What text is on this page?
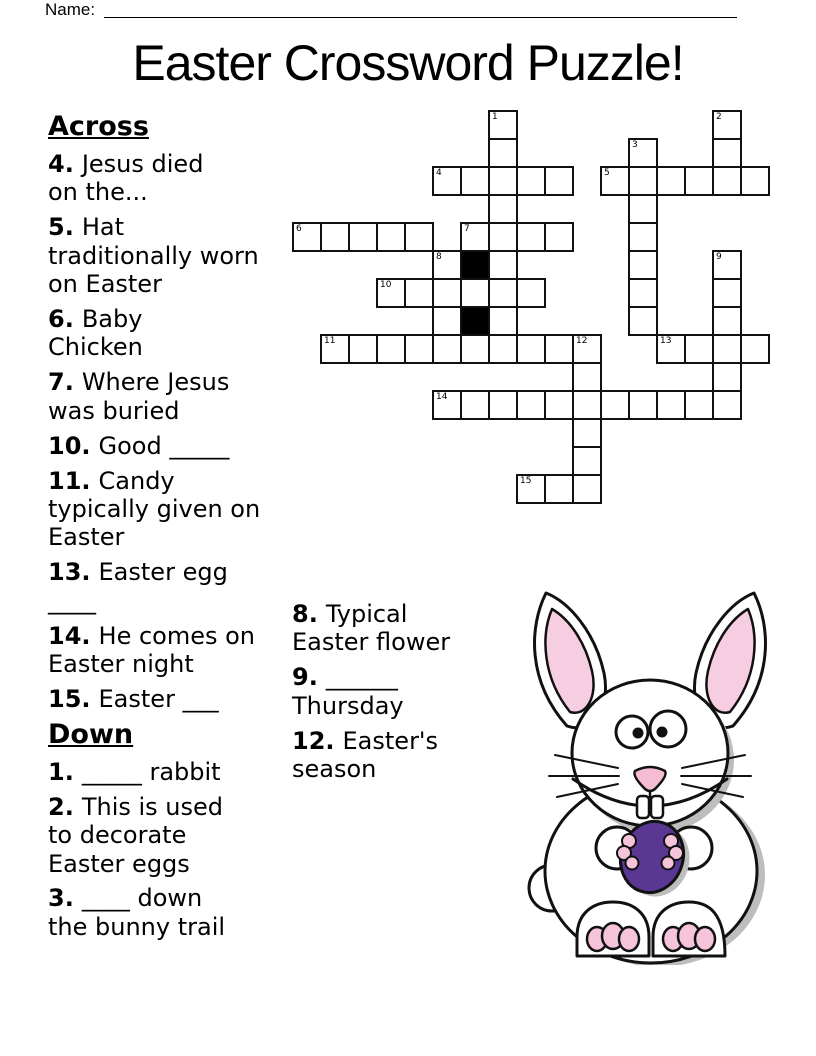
Name:
Easter Crossword Puzzle!
1	2
3
4	5
6	7
8	9
10
11	12	13
14
15
Across
4. Jesus died
on the...
5. Hat
traditionally worn
on Easter
6. Baby
Chicken
7. Where Jesus
was buried
10. Good _____
11. Candy
typically given on
Easter
13. Easter egg
____
14. He comes on
Easter night
15. Easter ___
Down
1. _____ rabbit
2. This is used
to decorate
Easter eggs
3. ____ down
the bunny trail
8. Typical
Easter flower
9. ______
Thursday
12. Easter's
season
